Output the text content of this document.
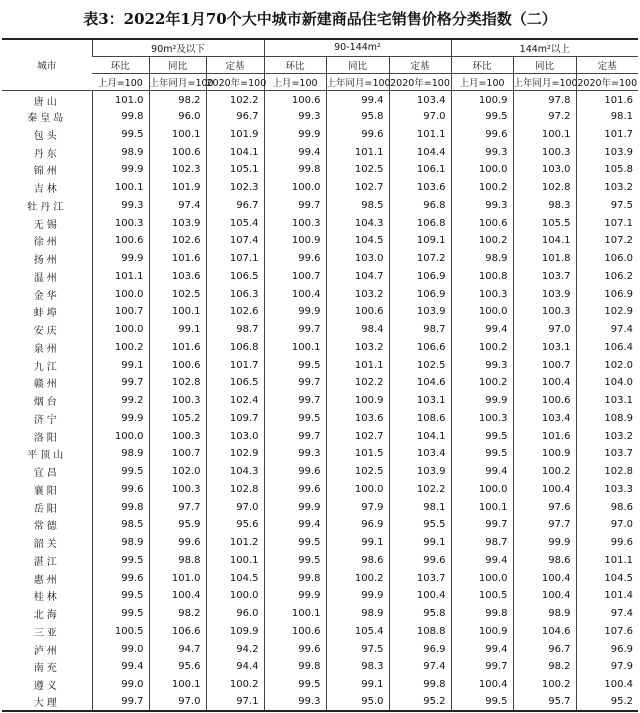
表3：2022年1月70个大中城市新建商品住宅销售价格分类指数（二）
城市	90m²及以下			90-144m²			144m²以上		
	环比	同比	定基	环比	同比	定基	环比	同比	定基
	上月=100	上年同月=100	2020年=100	上月=100	上年同月=100	2020年=100	上月=100	上年同月=100	2020年=100
唐山	101.0	98.2	102.2	100.6	99.4	103.4	100.9	97.8	101.6
秦皇岛	99.8	96.0	96.7	99.3	95.8	97.0	99.5	97.2	98.1
包头	99.5	100.1	101.9	99.9	99.6	101.1	99.6	100.1	101.7
丹东	98.9	100.6	104.1	99.4	101.1	104.4	99.3	100.3	103.9
锦州	99.9	102.3	105.1	99.8	102.5	106.1	100.0	103.0	105.8
吉林	100.1	101.9	102.3	100.0	102.7	103.6	100.2	102.8	103.2
牡丹江	99.3	97.4	96.7	99.7	98.5	96.8	99.3	98.3	97.5
无锡	100.3	103.9	105.4	100.3	104.3	106.8	100.6	105.5	107.1
徐州	100.6	102.6	107.4	100.9	104.5	109.1	100.2	104.1	107.2
扬州	99.9	101.6	107.1	99.6	103.0	107.2	98.9	101.8	106.0
温州	101.1	103.6	106.5	100.7	104.7	106.9	100.8	103.7	106.2
金华	100.0	102.5	106.3	100.4	103.2	106.9	100.3	103.9	106.9
蚌埠	100.7	100.1	102.6	99.9	100.6	103.9	100.0	100.3	102.9
安庆	100.0	99.1	98.7	99.7	98.4	98.7	99.4	97.0	97.4
泉州	100.2	101.6	106.8	100.1	103.2	106.6	100.2	103.1	106.4
九江	99.1	100.6	101.7	99.5	101.1	102.5	99.3	100.7	102.0
赣州	99.7	102.8	106.5	99.7	102.2	104.6	100.2	100.4	104.0
烟台	99.2	100.3	102.4	99.7	100.9	103.1	99.9	100.6	103.1
济宁	99.9	105.2	109.7	99.5	103.6	108.6	100.3	103.4	108.9
洛阳	100.0	100.3	103.0	99.7	102.7	104.1	99.5	101.6	103.2
平顶山	98.9	100.7	102.9	99.3	101.5	103.4	99.5	100.9	103.7
宜昌	99.5	102.0	104.3	99.6	102.5	103.9	99.4	100.2	102.8
襄阳	99.6	100.3	102.8	99.6	100.0	102.2	100.0	100.4	103.3
岳阳	99.8	97.7	97.0	99.9	97.9	98.1	100.1	97.6	98.6
常德	98.5	95.9	95.6	99.4	96.9	95.5	99.7	97.7	97.0
韶关	98.9	99.6	101.2	99.5	99.1	99.1	98.7	99.9	99.6
湛江	99.5	98.8	100.1	99.5	98.6	99.6	99.4	98.6	101.1
惠州	99.6	101.0	104.5	99.8	100.2	103.7	100.0	100.4	104.5
桂林	99.5	100.4	100.0	99.9	99.9	100.4	100.5	100.4	101.4
北海	99.5	98.2	96.0	100.1	98.9	95.8	99.8	98.9	97.4
三亚	100.5	106.6	109.9	100.6	105.4	108.8	100.9	104.6	107.6
泸州	99.0	94.7	94.2	99.6	97.5	96.9	99.4	96.7	96.9
南充	99.4	95.6	94.4	99.8	98.3	97.4	99.7	98.2	97.9
遵义	99.0	100.1	100.2	99.5	99.1	99.8	100.4	100.2	100.4
大理	99.7	97.0	97.1	99.3	95.0	95.2	99.5	95.7	95.2
